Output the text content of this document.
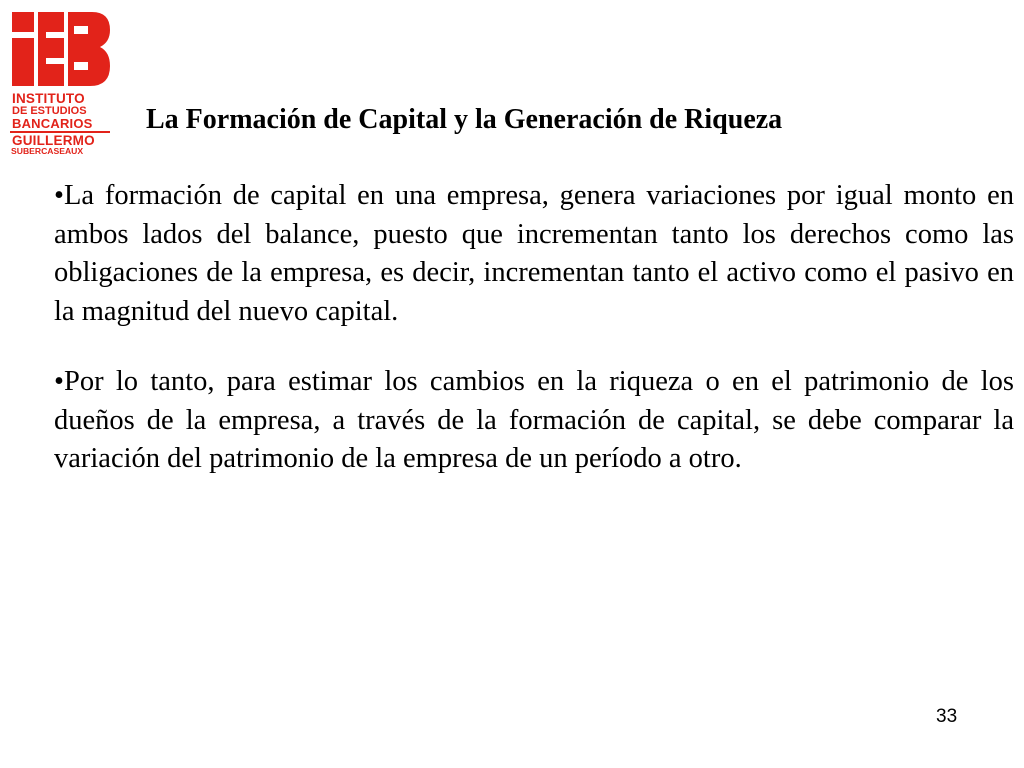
INSTITUTO
DE ESTUDIOS
BANCARIOS
GUILLERMO
SUBERCASEAUX
La Formación de Capital y la Generación de Riqueza

•La formación de capital en una empresa, genera variaciones por igual monto en ambos lados del balance, puesto que incrementan tanto los derechos como las obligaciones de la empresa, es decir, incrementan tanto el activo como el pasivo en la magnitud del nuevo capital.

•Por lo tanto, para estimar los cambios en la riqueza o en el patrimonio de los dueños de la empresa, a través de la formación de capital, se debe comparar la variación del patrimonio de la empresa de un período a otro.

33
